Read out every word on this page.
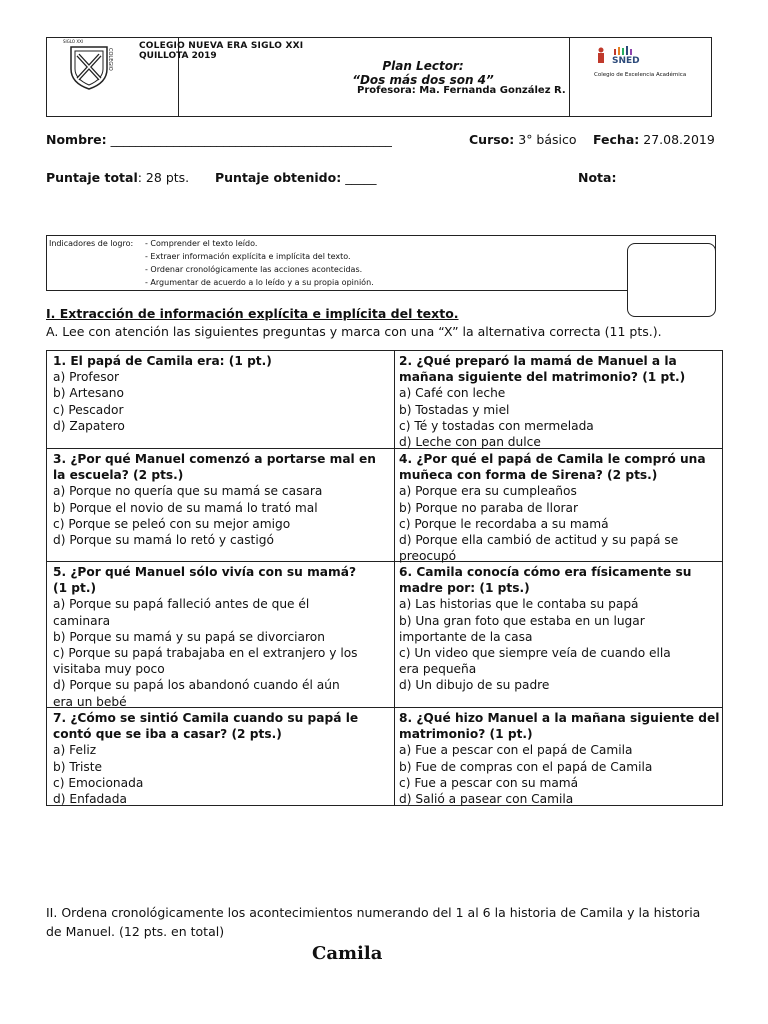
SIGLO XXI
COLEGIO
COLEGIO NUEVA ERA SIGLO XXI
QUILLOTA 2019
Plan Lector:
“Dos más dos son 4”
Profesora: Ma. Fernanda González R.
SNED
Colegio de Excelencia Académica
Nombre: _____________________________________________	Curso: 3° básico Fecha: 27.08.2019
Puntaje total: 28 pts. Puntaje obtenido: _____	Nota:
Indicadores de logro: - Comprender el texto leído.
- Extraer información explícita e implícita del texto.
- Ordenar cronológicamente las acciones acontecidas.
- Argumentar de acuerdo a lo leído y a su propia opinión.
I. Extracción de información explícita e implícita del texto.
A. Lee con atención las siguientes preguntas y marca con una “X” la alternativa correcta (11 pts.).
1. El papá de Camila era: (1 pt.)
a) Profesor
b) Artesano
c) Pescador
d) Zapatero
2. ¿Qué preparó la mamá de Manuel a la
mañana siguiente del matrimonio? (1 pt.)
a) Café con leche
b) Tostadas y miel
c) Té y tostadas con mermelada
d) Leche con pan dulce
3. ¿Por qué Manuel comenzó a portarse mal en
la escuela? (2 pts.)
a) Porque no quería que su mamá se casara
b) Porque el novio de su mamá lo trató mal
c) Porque se peleó con su mejor amigo
d) Porque su mamá lo retó y castigó
4. ¿Por qué el papá de Camila le compró una
muñeca con forma de Sirena? (2 pts.)
a) Porque era su cumpleaños
b) Porque no paraba de llorar
c) Porque le recordaba a su mamá
d) Porque ella cambió de actitud y su papá se
preocupó
5. ¿Por qué Manuel sólo vivía con su mamá?
(1 pt.)
a) Porque su papá falleció antes de que él
caminara
b) Porque su mamá y su papá se divorciaron
c) Porque su papá trabajaba en el extranjero y los
visitaba muy poco
d) Porque su papá los abandonó cuando él aún
era un bebé
6. Camila conocía cómo era físicamente su
madre por: (1 pts.)
a) Las historias que le contaba su papá
b) Una gran foto que estaba en un lugar
importante de la casa
c) Un video que siempre veía de cuando ella
era pequeña
d) Un dibujo de su padre
7. ¿Cómo se sintió Camila cuando su papá le
contó que se iba a casar? (2 pts.)
a) Feliz
b) Triste
c) Emocionada
d) Enfadada
8. ¿Qué hizo Manuel a la mañana siguiente del
matrimonio? (1 pt.)
a) Fue a pescar con el papá de Camila
b) Fue de compras con el papá de Camila
c) Fue a pescar con su mamá
d) Salió a pasear con Camila
II. Ordena cronológicamente los acontecimientos numerando del 1 al 6 la historia de Camila y la historia de Manuel. (12 pts. en total)
Camila
